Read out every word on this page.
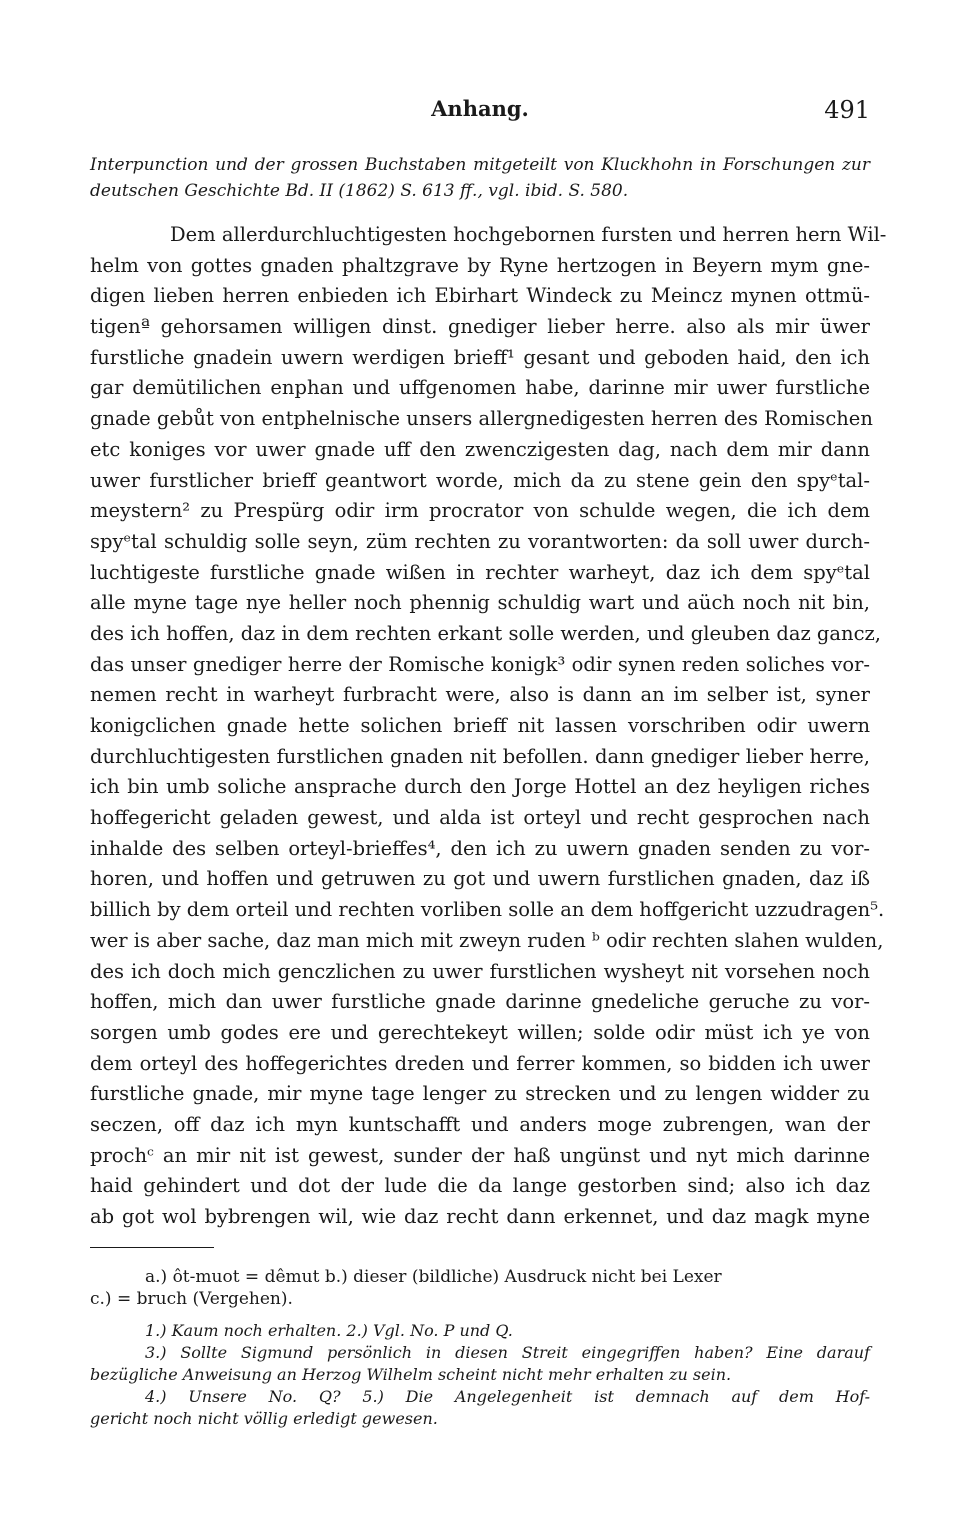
Anhang.	491
Interpunction und der grossen Buchstaben mitgeteilt von Kluckhohn in Forschungen zur deutschen Geschichte Bd. II (1862) S. 613 ff., vgl. ibid. S. 580.
Dem allerdurchluchtigesten hochgebornen fursten und herren hern Wil-
helm von gottes gnaden phaltzgrave by Ryne hertzogen in Beyern mym gne-
digen lieben herren enbieden ich Ebirhart Windeck zu Meincz mynen ottmü-
tigenª gehorsamen willigen dinst. gnediger lieber herre. also als mir üwer
furstliche gnadein uwern werdigen brieff¹ gesant und geboden haid, den ich
gar demütilichen enphan und uffgenomen habe, darinne mir uwer furstliche
gnade gebůt von entphelnische unsers allergnedigesten herren des Romischen
etc koniges vor uwer gnade uff den zwenczigesten dag, nach dem mir dann
uwer furstlicher brieff geantwort worde, mich da zu stene gein den spyᵉtal-
meystern² zu Prespürg odir irm procrator von schulde wegen, die ich dem
spyᵉtal schuldig solle seyn, züm rechten zu vorantworten: da soll uwer durch-
luchtigeste furstliche gnade wißen in rechter warheyt, daz ich dem spyᵉtal
alle myne tage nye heller noch phennig schuldig wart und aüch noch nit bin,
des ich hoffen, daz in dem rechten erkant solle werden, und gleuben daz gancz,
das unser gnediger herre der Romische konigk³ odir synen reden soliches vor-
nemen recht in warheyt furbracht were, also is dann an im selber ist, syner
konigclichen gnade hette solichen brieff nit lassen vorschriben odir uwern
durchluchtigesten furstlichen gnaden nit befollen. dann gnediger lieber herre,
ich bin umb soliche ansprache durch den Jorge Hottel an dez heyligen riches
hoffegericht geladen gewest, und alda ist orteyl und recht gesprochen nach
inhalde des selben orteyl-brieffes⁴, den ich zu uwern gnaden senden zu vor-
horen, und hoffen und getruwen zu got und uwern furstlichen gnaden, daz iß
billich by dem orteil und rechten vorliben solle an dem hoffgericht uzzudragen⁵.
wer is aber sache, daz man mich mit zweyn ruden ᵇ odir rechten slahen wulden,
des ich doch mich genczlichen zu uwer furstlichen wysheyt nit vorsehen noch
hoffen, mich dan uwer furstliche gnade darinne gnedeliche geruche zu vor-
sorgen umb godes ere und gerechtekeyt willen; solde odir müst ich ye von
dem orteyl des hoffegerichtes dreden und ferrer kommen, so bidden ich uwer
furstliche gnade, mir myne tage lenger zu strecken und zu lengen widder zu
seczen, off daz ich myn kuntschafft und anders moge zubrengen, wan der
prochᶜ an mir nit ist gewest, sunder der haß ungünst und nyt mich darinne
haid gehindert und dot der lude die da lange gestorben sind; also ich daz
ab got wol bybrengen wil, wie daz recht dann erkennet, und daz magk myne
a.) ôt-muot = dêmut b.) dieser (bildliche) Ausdruck nicht bei Lexer
c.) = bruch (Vergehen).
1.) Kaum noch erhalten. 2.) Vgl. No. P und Q.
3.) Sollte Sigmund persönlich in diesen Streit eingegriffen haben? Eine darauf
bezügliche Anweisung an Herzog Wilhelm scheint nicht mehr erhalten zu sein.
4.) Unsere No. Q? 5.) Die Angelegenheit ist demnach auf dem Hof-
gericht noch nicht völlig erledigt gewesen.
